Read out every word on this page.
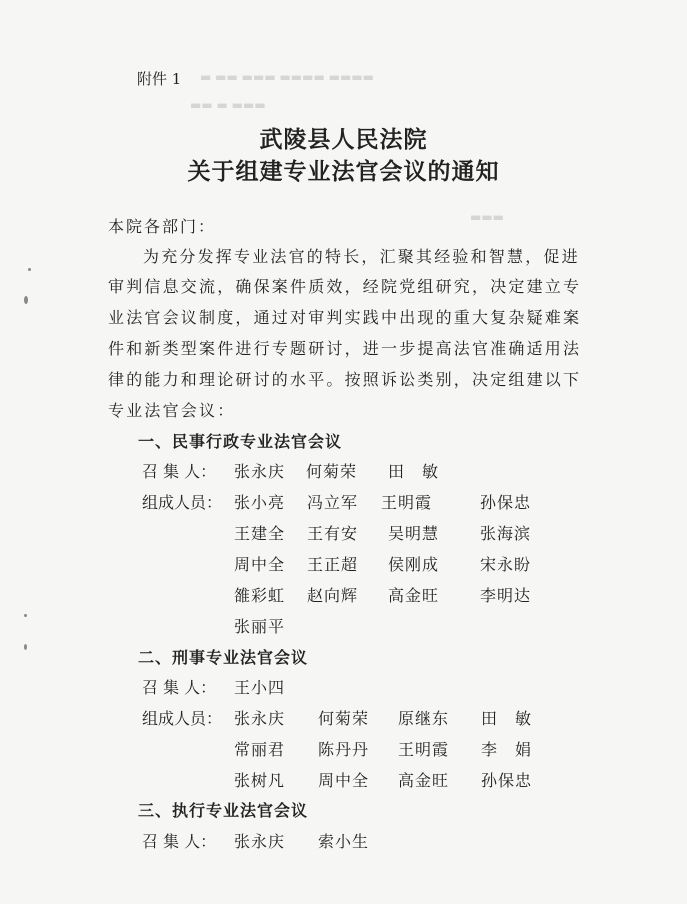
▬ ▬▬ ▬▬▬ ▬▬▬▬ ▬▬▬▬
▬▬ ▬ ▬▬▬
▬▬▬
附件 1
武陵县人民法院
关于组建专业法官会议的通知
本院各部门：
为充分发挥专业法官的特长，汇聚其经验和智慧，促进
审判信息交流，确保案件质效，经院党组研究，决定建立专
业法官会议制度，通过对审判实践中出现的重大复杂疑难案
件和新类型案件进行专题研讨，进一步提高法官准确适用法
律的能力和理论研讨的水平。按照诉讼类别，决定组建以下
专业法官会议：
一、民事行政专业法官会议
召 集 人： 张永庆 何菊荣 田　敏
组成人员： 张小亮 冯立军 王明霞	孙保忠
王建全 王有安 吴明慧	张海滨
周中全 王正超 侯刚成	宋永盼
雒彩虹 赵向辉 高金旺	李明达
张丽平
二、刑事专业法官会议
召 集 人： 王小四
组成人员： 张永庆 何菊荣 原继东 田　敏
常丽君 陈丹丹 王明霞 李　娟
张树凡 周中全 高金旺 孙保忠
三、执行专业法官会议
召 集 人： 张永庆 索小生
